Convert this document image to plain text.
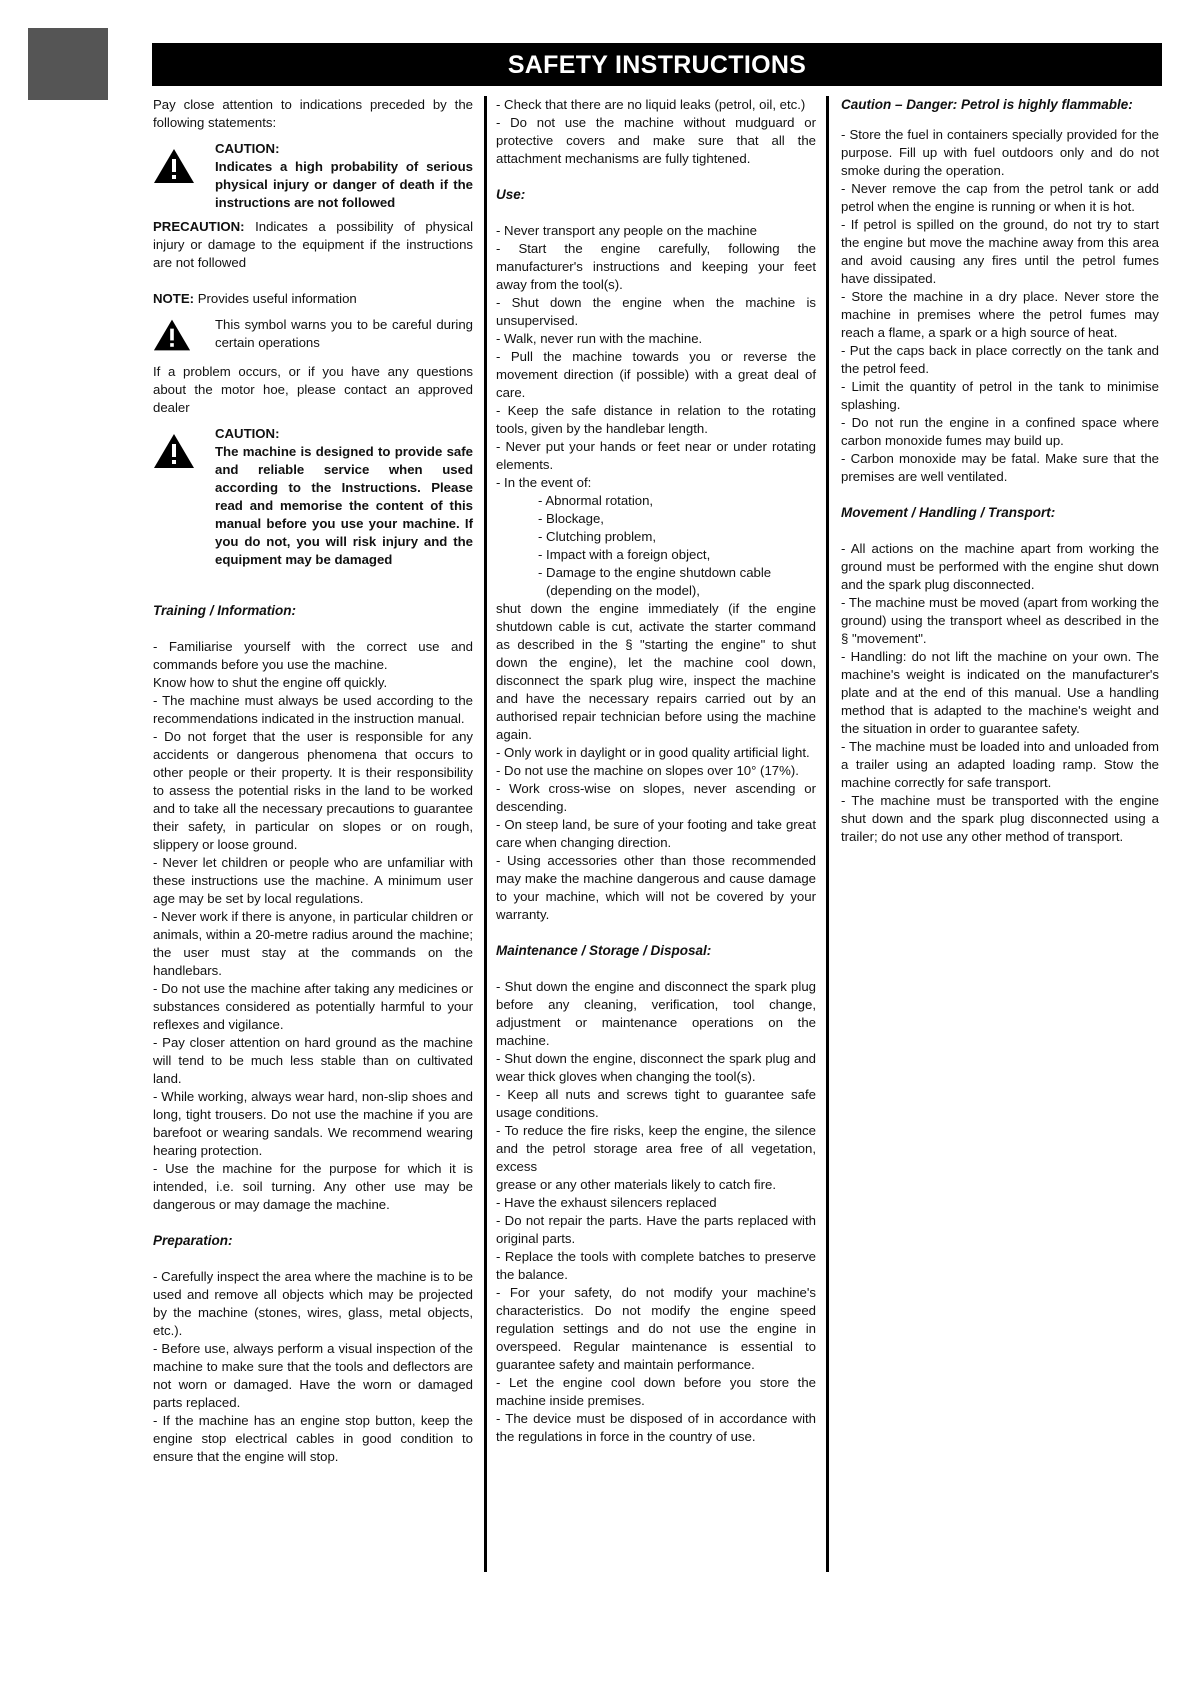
SAFETY INSTRUCTIONS

Pay close attention to indications preceded by the following statements:

CAUTION:

Indicates a high probability of serious physical injury or danger of death if the instructions are not followed

PRECAUTION: Indicates a possibility of physical injury or damage to the equipment if the instructions are not followed

NOTE: Provides useful information

This symbol warns you to be careful during certain operations

If a problem occurs, or if you have any questions about the motor hoe, please contact an approved dealer

CAUTION:

The machine is designed to provide safe and reliable service when used according to the Instructions. Please read and memorise the content of this manual before you use your machine. If you do not, you will risk injury and the equipment may be damaged

Training / Information:

- Familiarise yourself with the correct use and commands before you use the machine.

Know how to shut the engine off quickly.

- The machine must always be used according to the recommendations indicated in the instruction manual.

- Do not forget that the user is responsible for any accidents or dangerous phenomena that occurs to other people or their property. It is their responsibility to assess the potential risks in the land to be worked and to take all the necessary precautions to guarantee their safety, in particular on slopes or on rough, slippery or loose ground.

- Never let children or people who are unfamiliar with these instructions use the machine. A minimum user age may be set by local regulations.

- Never work if there is anyone, in particular children or animals, within a 20-metre radius around the machine; the user must stay at the commands on the handlebars.

- Do not use the machine after taking any medicines or substances considered as potentially harmful to your reflexes and vigilance.

- Pay closer attention on hard ground as the machine will tend to be much less stable than on cultivated land.

- While working, always wear hard, non-slip shoes and long, tight trousers. Do not use the machine if you are barefoot or wearing sandals. We recommend wearing hearing protection.

- Use the machine for the purpose for which it is intended, i.e. soil turning. Any other use may be dangerous or may damage the machine.

Preparation:

- Carefully inspect the area where the machine is to be used and remove all objects which may be projected by the machine (stones, wires, glass, metal objects, etc.).

- Before use, always perform a visual inspection of the machine to make sure that the tools and deflectors are not worn or damaged. Have the worn or damaged parts replaced.

- If the machine has an engine stop button, keep the engine stop electrical cables in good condition to ensure that the engine will stop.

- Check that there are no liquid leaks (petrol, oil, etc.)

- Do not use the machine without mudguard or protective covers and make sure that all the attachment mechanisms are fully tightened.

Use:

- Never transport any people on the machine

- Start the engine carefully, following the manufacturer's instructions and keeping your feet away from the tool(s).

- Shut down the engine when the machine is unsupervised.

- Walk, never run with the machine.

- Pull the machine towards you or reverse the movement direction (if possible) with a great deal of care.

- Keep the safe distance in relation to the rotating tools, given by the handlebar length.

- Never put your hands or feet near or under rotating elements.

- In the event of:

- Abnormal rotation,

- Blockage,

- Clutching problem,

- Impact with a foreign object,

- Damage to the engine shutdown cable

(depending on the model),

shut down the engine immediately (if the engine shutdown cable is cut, activate the starter command as described in the § "starting the engine" to shut down the engine), let the machine cool down, disconnect the spark plug wire, inspect the machine and have the necessary repairs carried out by an authorised repair technician before using the machine again.

- Only work in daylight or in good quality artificial light.

- Do not use the machine on slopes over 10° (17%).

- Work cross-wise on slopes, never ascending or descending.

- On steep land, be sure of your footing and take great care when changing direction.

- Using accessories other than those recommended may make the machine dangerous and cause damage to your machine, which will not be covered by your warranty.

Maintenance / Storage / Disposal:

- Shut down the engine and disconnect the spark plug before any cleaning, verification, tool change, adjustment or maintenance operations on the machine.

- Shut down the engine, disconnect the spark plug and wear thick gloves when changing the tool(s).

- Keep all nuts and screws tight to guarantee safe usage conditions.

- To reduce the fire risks, keep the engine, the silence and the petrol storage area free of all vegetation, excess

grease or any other materials likely to catch fire.

- Have the exhaust silencers replaced

- Do not repair the parts. Have the parts replaced with original parts.

- Replace the tools with complete batches to preserve the balance.

- For your safety, do not modify your machine's characteristics. Do not modify the engine speed regulation settings and do not use the engine in overspeed. Regular maintenance is essential to guarantee safety and maintain performance.

- Let the engine cool down before you store the machine inside premises.

- The device must be disposed of in accordance with the regulations in force in the country of use.

Caution – Danger: Petrol is highly flammable:

- Store the fuel in containers specially provided for the purpose. Fill up with fuel outdoors only and do not smoke during the operation.

- Never remove the cap from the petrol tank or add petrol when the engine is running or when it is hot.

- If petrol is spilled on the ground, do not try to start the engine but move the machine away from this area and avoid causing any fires until the petrol fumes have dissipated.

- Store the machine in a dry place. Never store the machine in premises where the petrol fumes may reach a flame, a spark or a high source of heat.

- Put the caps back in place correctly on the tank and the petrol feed.

- Limit the quantity of petrol in the tank to minimise splashing.

- Do not run the engine in a confined space where carbon monoxide fumes may build up.

- Carbon monoxide may be fatal. Make sure that the premises are well ventilated.

Movement / Handling / Transport:

- All actions on the machine apart from working the ground must be performed with the engine shut down and the spark plug disconnected.

- The machine must be moved (apart from working the ground) using the transport wheel as described in the § "movement".

- Handling: do not lift the machine on your own. The machine's weight is indicated on the manufacturer's plate and at the end of this manual. Use a handling method that is adapted to the machine's weight and the situation in order to guarantee safety.

- The machine must be loaded into and unloaded from a trailer using an adapted loading ramp. Stow the machine correctly for safe transport.

- The machine must be transported with the engine shut down and the spark plug disconnected using a trailer; do not use any other method of transport.
